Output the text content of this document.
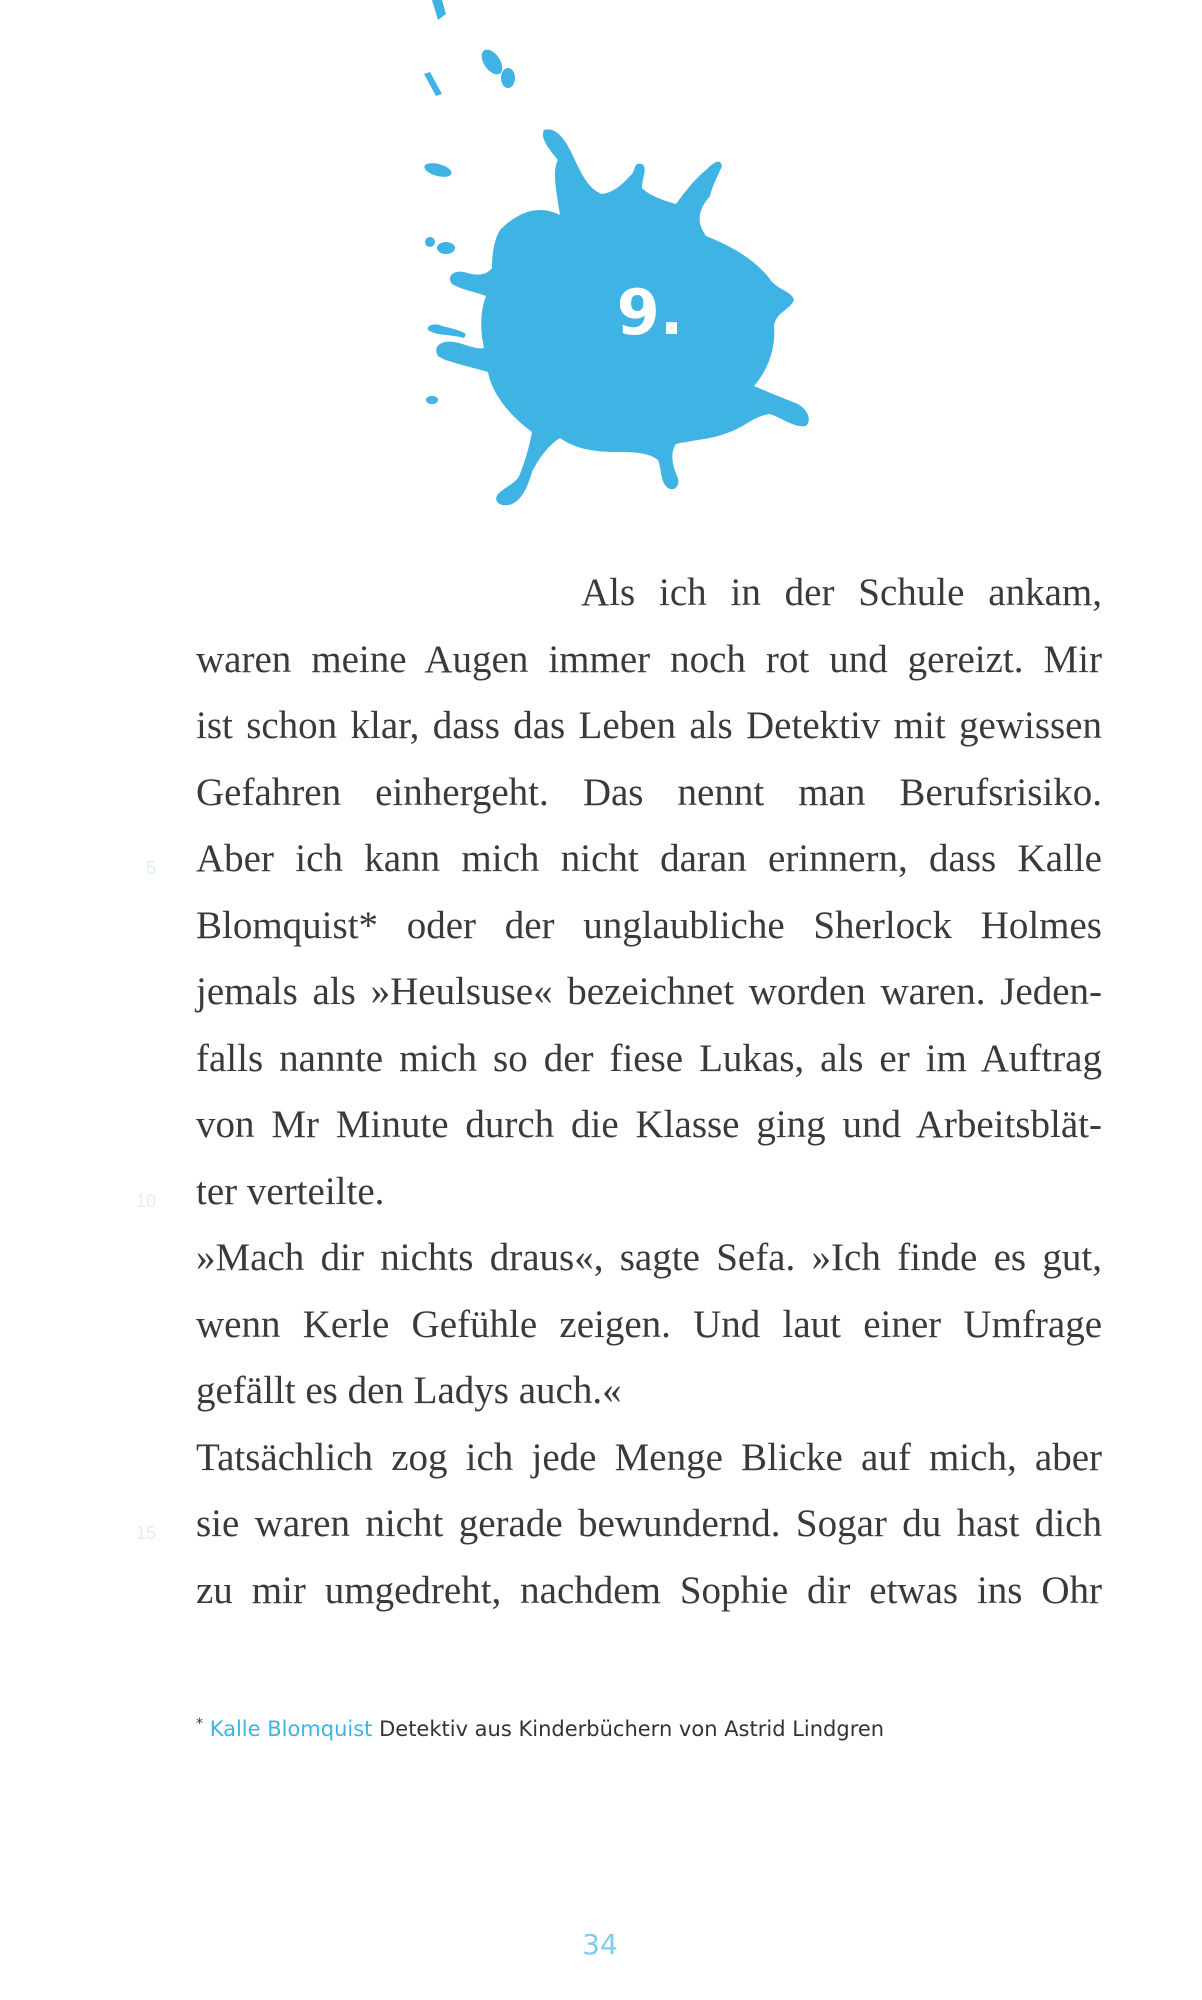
9.
5
10
15
Als ich in der Schule ankam,
waren meine Augen immer noch rot und gereizt. Mir
ist schon klar, dass das Leben als Detektiv mit gewissen
Gefahren einhergeht. Das nennt man Berufsrisiko.
Aber ich kann mich nicht daran erinnern, dass Kalle
Blomquist* oder der unglaubliche Sherlock Holmes
jemals als »Heulsuse« bezeichnet worden waren. Jeden-
falls nannte mich so der fiese Lukas, als er im Auftrag
von Mr Minute durch die Klasse ging und Arbeitsblät-
ter verteilte.
»Mach dir nichts draus«, sagte Sefa. »Ich finde es gut,
wenn Kerle Gefühle zeigen. Und laut einer Umfrage
gefällt es den Ladys auch.«
Tatsächlich zog ich jede Menge Blicke auf mich, aber
sie waren nicht gerade bewundernd. Sogar du hast dich
zu mir umgedreht, nachdem Sophie dir etwas ins Ohr
* Kalle Blomquist Detektiv aus Kinderbüchern von Astrid Lindgren
34
